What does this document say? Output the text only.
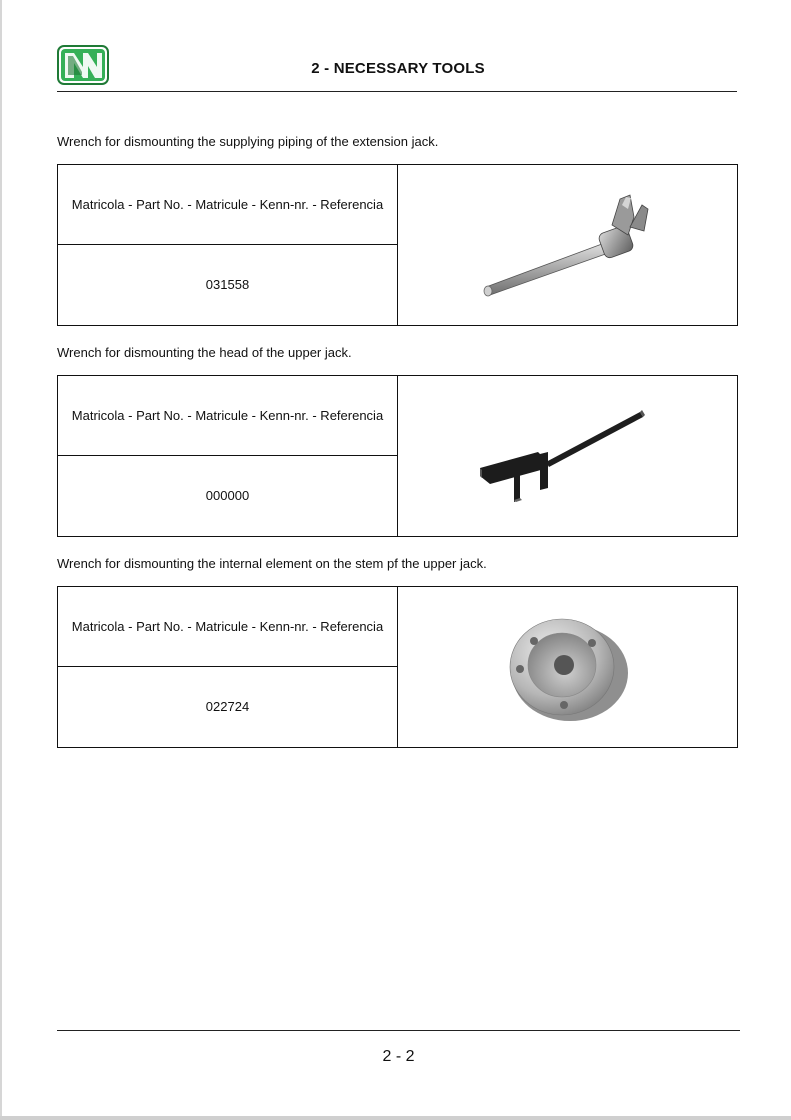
2 - NECESSARY TOOLS
Wrench for dismounting the supplying piping of the extension jack.
Matricola - Part No. - Matricule - Kenn-nr. - Referencia
031558
Wrench for dismounting the head of the upper jack.
Matricola - Part No. - Matricule - Kenn-nr. - Referencia
000000
Wrench for dismounting the internal element on the stem pf the upper jack.
Matricola - Part No. - Matricule - Kenn-nr. - Referencia
022724
2 - 2
